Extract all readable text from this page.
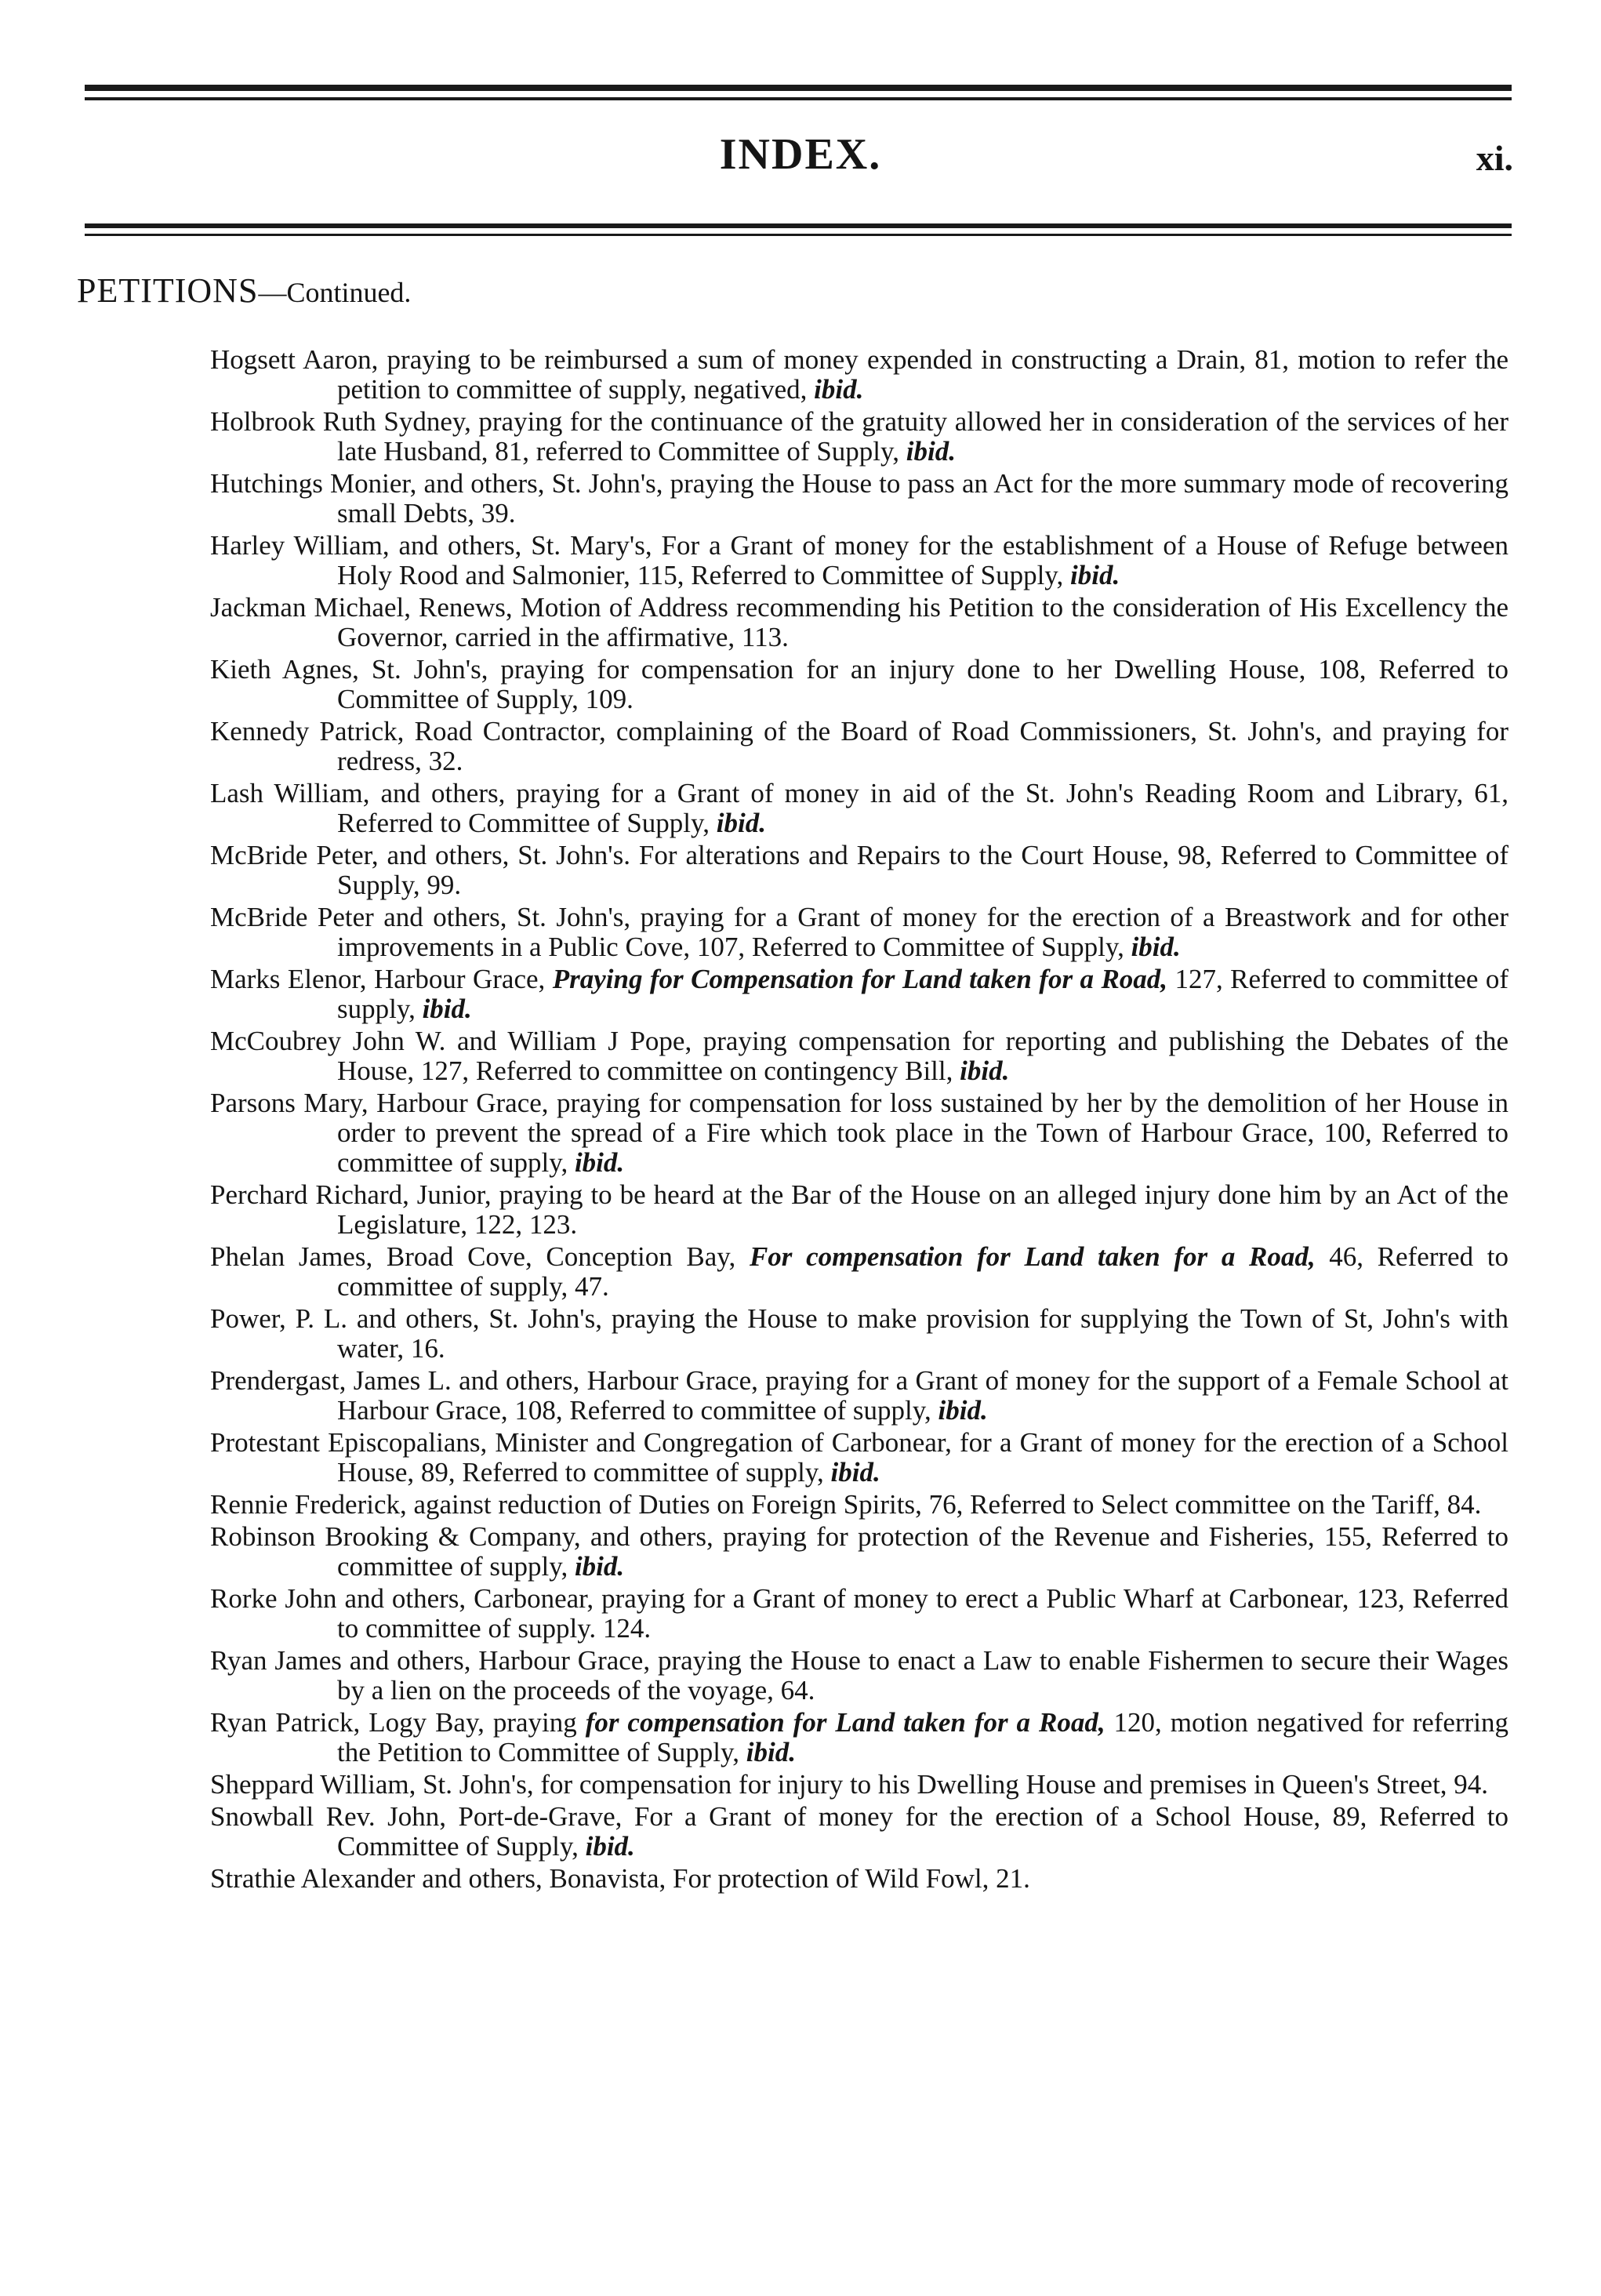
INDEX.	xi.
PETITIONS—Continued.
Hogsett Aaron, praying to be reimbursed a sum of money expended in constructing a Drain, 81, motion to refer the petition to committee of supply, negatived, ibid.
Holbrook Ruth Sydney, praying for the continuance of the gratuity allowed her in consideration of the services of her late Husband, 81, referred to Committee of Supply, ibid.
Hutchings Monier, and others, St. John's, praying the House to pass an Act for the more summary mode of recovering small Debts, 39.
Harley William, and others, St. Mary's, For a Grant of money for the establishment of a House of Refuge between Holy Rood and Salmonier, 115, Referred to Committee of Supply, ibid.
Jackman Michael, Renews, Motion of Address recommending his Petition to the consideration of His Excellency the Governor, carried in the affirmative, 113.
Kieth Agnes, St. John's, praying for compensation for an injury done to her Dwelling House, 108, Referred to Committee of Supply, 109.
Kennedy Patrick, Road Contractor, complaining of the Board of Road Commissioners, St. John's, and praying for redress, 32.
Lash William, and others, praying for a Grant of money in aid of the St. John's Reading Room and Library, 61, Referred to Committee of Supply, ibid.
McBride Peter, and others, St. John's. For alterations and Repairs to the Court House, 98, Referred to Committee of Supply, 99.
McBride Peter and others, St. John's, praying for a Grant of money for the erection of a Breastwork and for other improvements in a Public Cove, 107, Referred to Committee of Supply, ibid.
Marks Elenor, Harbour Grace, Praying for Compensation for Land taken for a Road, 127, Referred to committee of supply, ibid.
McCoubrey John W. and William J Pope, praying compensation for reporting and publishing the Debates of the House, 127, Referred to committee on contingency Bill, ibid.
Parsons Mary, Harbour Grace, praying for compensation for loss sustained by her by the demolition of her House in order to prevent the spread of a Fire which took place in the Town of Harbour Grace, 100, Referred to committee of supply, ibid.
Perchard Richard, Junior, praying to be heard at the Bar of the House on an alleged injury done him by an Act of the Legislature, 122, 123.
Phelan James, Broad Cove, Conception Bay, For compensation for Land taken for a Road, 46, Referred to committee of supply, 47.
Power, P. L. and others, St. John's, praying the House to make provision for supplying the Town of St, John's with water, 16.
Prendergast, James L. and others, Harbour Grace, praying for a Grant of money for the support of a Female School at Harbour Grace, 108, Referred to committee of supply, ibid.
Protestant Episcopalians, Minister and Congregation of Carbonear, for a Grant of money for the erection of a School House, 89, Referred to committee of supply, ibid.
Rennie Frederick, against reduction of Duties on Foreign Spirits, 76, Referred to Select committee on the Tariff, 84.
Robinson Brooking & Company, and others, praying for protection of the Revenue and Fisheries, 155, Referred to committee of supply, ibid.
Rorke John and others, Carbonear, praying for a Grant of money to erect a Public Wharf at Carbonear, 123, Referred to committee of supply. 124.
Ryan James and others, Harbour Grace, praying the House to enact a Law to enable Fishermen to secure their Wages by a lien on the proceeds of the voyage, 64.
Ryan Patrick, Logy Bay, praying for compensation for Land taken for a Road, 120, motion negatived for referring the Petition to Committee of Supply, ibid.
Sheppard William, St. John's, for compensation for injury to his Dwelling House and premises in Queen's Street, 94.
Snowball Rev. John, Port-de-Grave, For a Grant of money for the erection of a School House, 89, Referred to Committee of Supply, ibid.
Strathie Alexander and others, Bonavista, For protection of Wild Fowl, 21.
